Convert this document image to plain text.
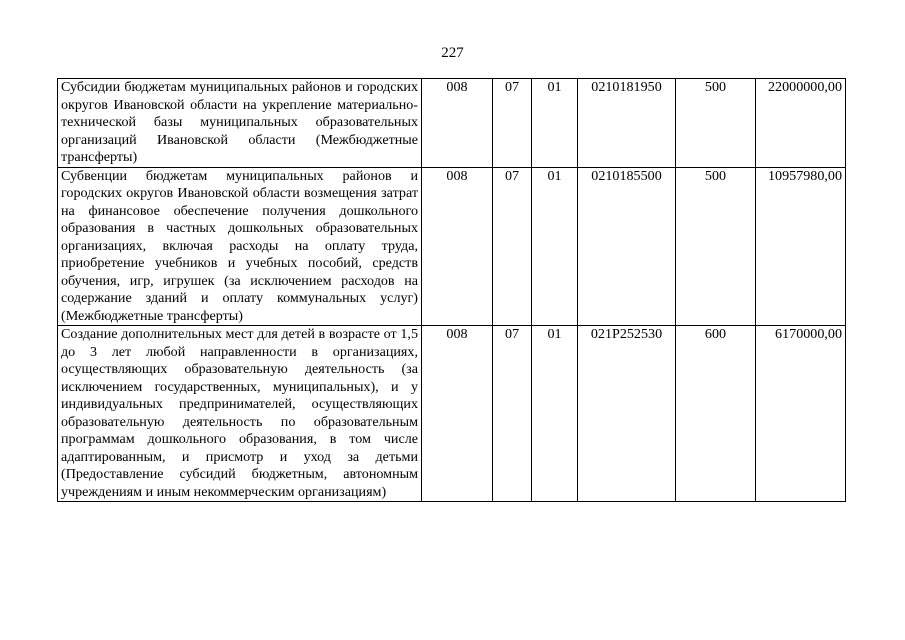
227
Субсидии бюджетам муниципальных районов и городских округов Ивановской области на укрепление материально-технической базы муниципальных образовательных организаций Ивановской области (Межбюджетные трансферты)	008	07	01	0210181950	500	22000000,00
Субвенции бюджетам муниципальных районов и городских округов Ивановской области возмещения затрат на финансовое обеспечение получения дошкольного образования в частных дошкольных образовательных организациях, включая расходы на оплату труда, приобретение учебников и учебных пособий, средств обучения, игр, игрушек (за исключением расходов на содержание зданий и оплату коммунальных услуг) (Межбюджетные трансферты)	008	07	01	0210185500	500	10957980,00
Создание дополнительных мест для детей в возрасте от 1,5 до 3 лет любой направленности в организациях, осуществляющих образовательную деятельность (за исключением государственных, муниципальных), и у индивидуальных предпринимателей, осуществляющих образовательную деятельность по образовательным программам дошкольного образования, в том числе адаптированным, и присмотр и уход за детьми (Предоставление субсидий бюджетным, автономным учреждениям и иным некоммерческим организациям)	008	07	01	021P252530	600	6170000,00
